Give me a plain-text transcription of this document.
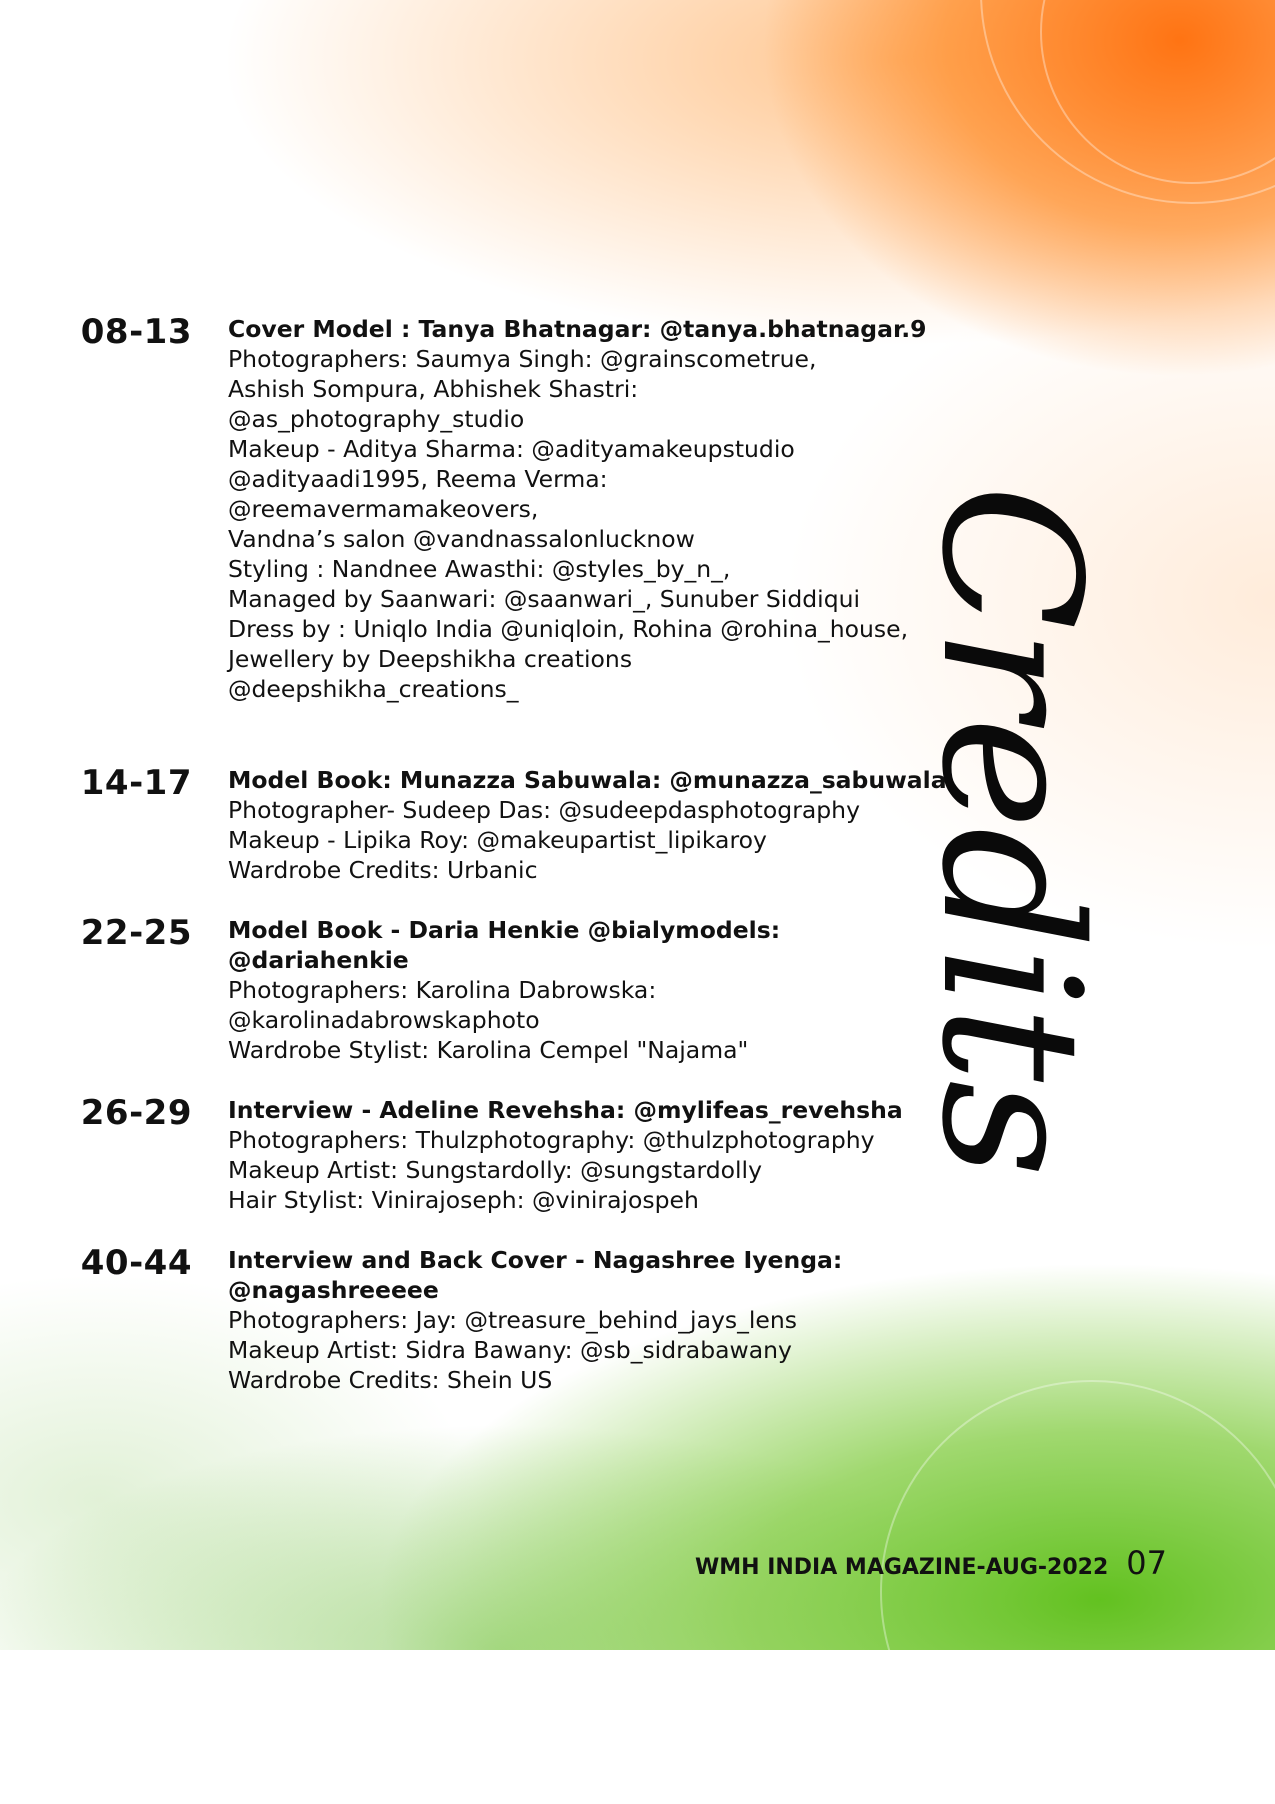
Credits
08-13 Cover Model : Tanya Bhatnagar: @tanya.bhatnagar.9
Photographers: Saumya Singh: @grainscometrue,
Ashish Sompura, Abhishek Shastri:
@as_photography_studio
Makeup - Aditya Sharma: @adityamakeupstudio
@adityaadi1995, Reema Verma:
@reemavermamakeovers,
Vandna’s salon @vandnassalonlucknow
Styling : Nandnee Awasthi: @styles_by_n_,
Managed by Saanwari: @saanwari_, Sunuber Siddiqui
Dress by : Uniqlo India @uniqloin, Rohina @rohina_house,
Jewellery by Deepshikha creations
@deepshikha_creations_
14-17 Model Book: Munazza Sabuwala: @munazza_sabuwala
Photographer- Sudeep Das: @sudeepdasphotography
Makeup - Lipika Roy: @makeupartist_lipikaroy
Wardrobe Credits: Urbanic
22-25 Model Book - Daria Henkie @bialymodels:
@dariahenkie
Photographers: Karolina Dabrowska:
@karolinadabrowskaphoto
Wardrobe Stylist: Karolina Cempel "Najama"
26-29 Interview - Adeline Revehsha: @mylifeas_revehsha
Photographers: Thulzphotography: @thulzphotography
Makeup Artist: Sungstardolly: @sungstardolly
Hair Stylist: Vinirajoseph: @vinirajospeh
40-44 Interview and Back Cover - Nagashree Iyenga:
@nagashreeeee
Photographers: Jay: @treasure_behind_jays_lens
Makeup Artist: Sidra Bawany: @sb_sidrabawany
Wardrobe Credits: Shein US
WMH INDIA MAGAZINE-AUG-2022 07
